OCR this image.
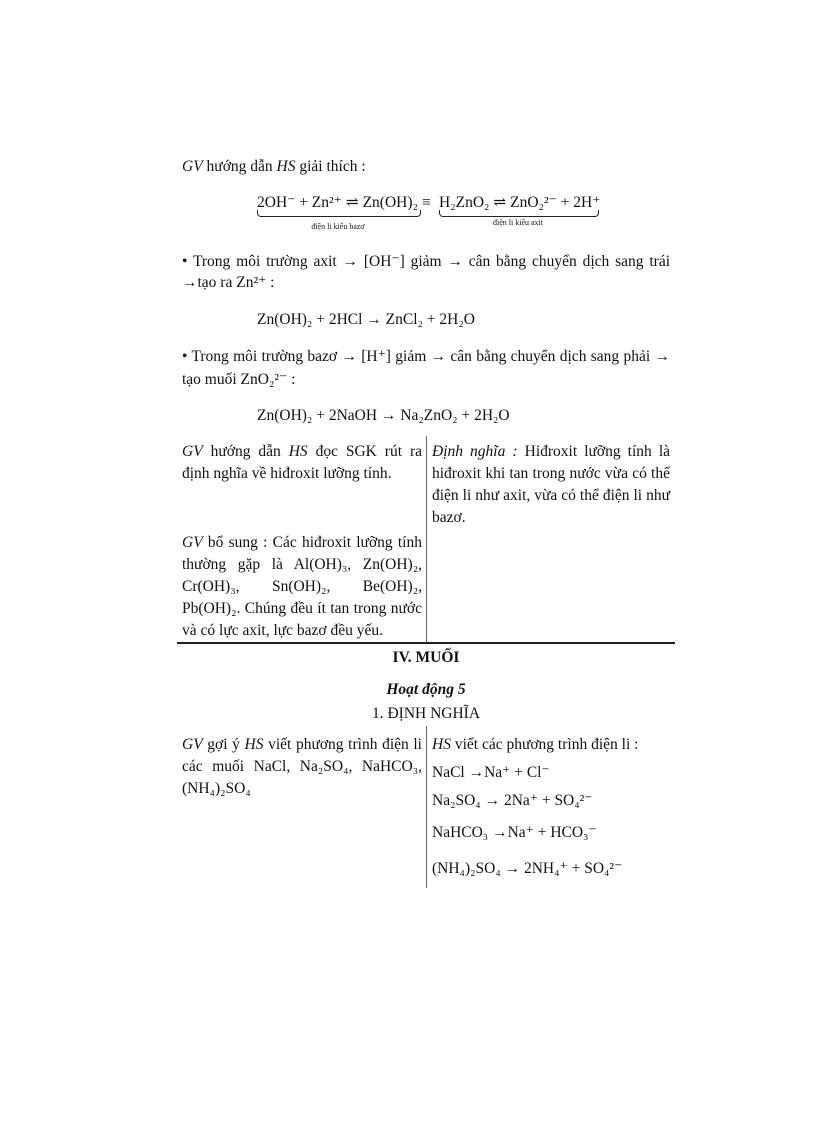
GV hướng dẫn HS giải thích :
2OH⁻ + Zn²⁺ ⇌ Zn(OH)₂ ≡ H₂ZnO₂ ⇌ ZnO₂²⁻ + 2H⁺
điện li kiểu bazơ	điện li kiểu axit
• Trong môi trường axit → [OH⁻] giảm → cân bằng chuyển dịch sang trái
→tạo ra Zn²⁺ :
Zn(OH)₂ + 2HCl → ZnCl₂ + 2H₂O
• Trong môi trường bazơ → [H⁺] giảm → cân bằng chuyển dịch sang phải →
tạo muối ZnO₂²⁻ :
Zn(OH)₂ + 2NaOH → Na₂ZnO₂ + 2H₂O
GV hướng dẫn HS đọc SGK rút ra định nghĩa về hiđroxit lưỡng tính.
GV bổ sung : Các hiđroxit lưỡng tính thường gặp là Al(OH)₃, Zn(OH)₂, Cr(OH)₃, Sn(OH)₂, Be(OH)₂, Pb(OH)₂. Chúng đều ít tan trong nước và có lực axit, lực bazơ đều yếu.
Định nghĩa : Hiđroxit lưỡng tính là hiđroxit khi tan trong nước vừa có thể điện li như axit, vừa có thể điện li như bazơ.
IV. MUỐI
Hoạt động 5
1. ĐỊNH NGHĨA
GV gợi ý HS viết phương trình điện li các muối NaCl, Na₂SO₄, NaHCO₃, (NH₄)₂SO₄
HS viết các phương trình điện li :
NaCl →Na⁺ + Cl⁻
Na₂SO₄ → 2Na⁺ + SO₄²⁻
NaHCO₃ →Na⁺ + HCO₃⁻
(NH₄)₂SO₄ → 2NH₄⁺ + SO₄²⁻
